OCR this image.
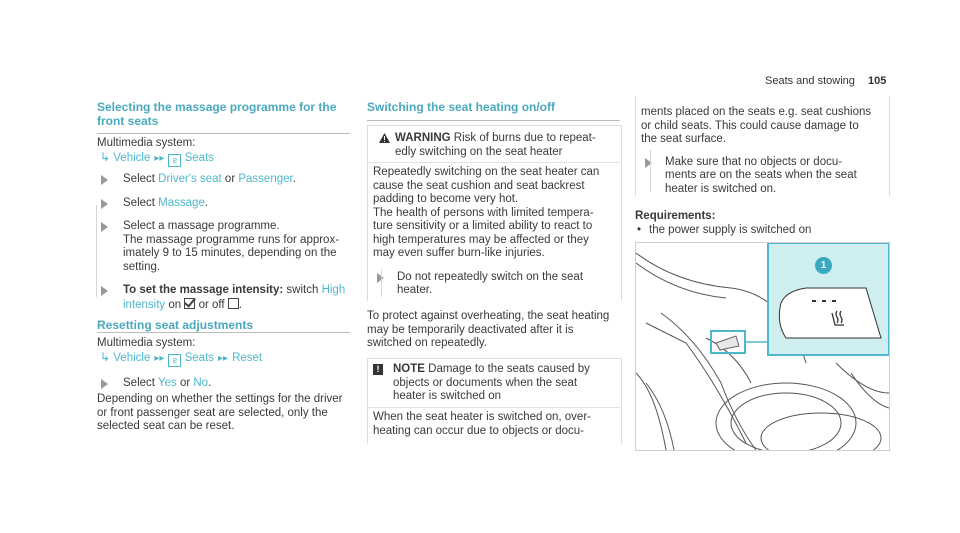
Seats and stowing 105
Selecting the massage programme for the
front seats
Multimedia system:
↳ Vehicle ▸▸ ƨ Seats
Select Driver's seat or Passenger.
Select Massage.
Select a massage programme.
The massage programme runs for approx-
imately 9 to 15 minutes, depending on the
setting.
To set the massage intensity: switch High
intensity on or off .
Resetting seat adjustments
Multimedia system:
↳ Vehicle ▸▸ ƨ Seats ▸▸ Reset
Select Yes or No.
Depending on whether the settings for the driver
or front passenger seat are selected, only the
selected seat can be reset.
Switching the seat heating on/off
WARNING Risk of burns due to repeat-
edly switching on the seat heater
Repeatedly switching on the seat heater can
cause the seat cushion and seat backrest
padding to become very hot.
The health of persons with limited tempera-
ture sensitivity or a limited ability to react to
high temperatures may be affected or they
may even suffer burn-like injuries.
Do not repeatedly switch on the seat
heater.
To protect against overheating, the seat heating
may be temporarily deactivated after it is
switched on repeatedly.
!	NOTE Damage to the seats caused by
objects or documents when the seat
heater is switched on
When the seat heater is switched on, over-
heating can occur due to objects or docu-
ments placed on the seats e.g. seat cushions
or child seats. This could cause damage to
the seat surface.
Make sure that no objects or docu-
ments are on the seats when the seat
heater is switched on.
Requirements:
• the power supply is switched on
1
